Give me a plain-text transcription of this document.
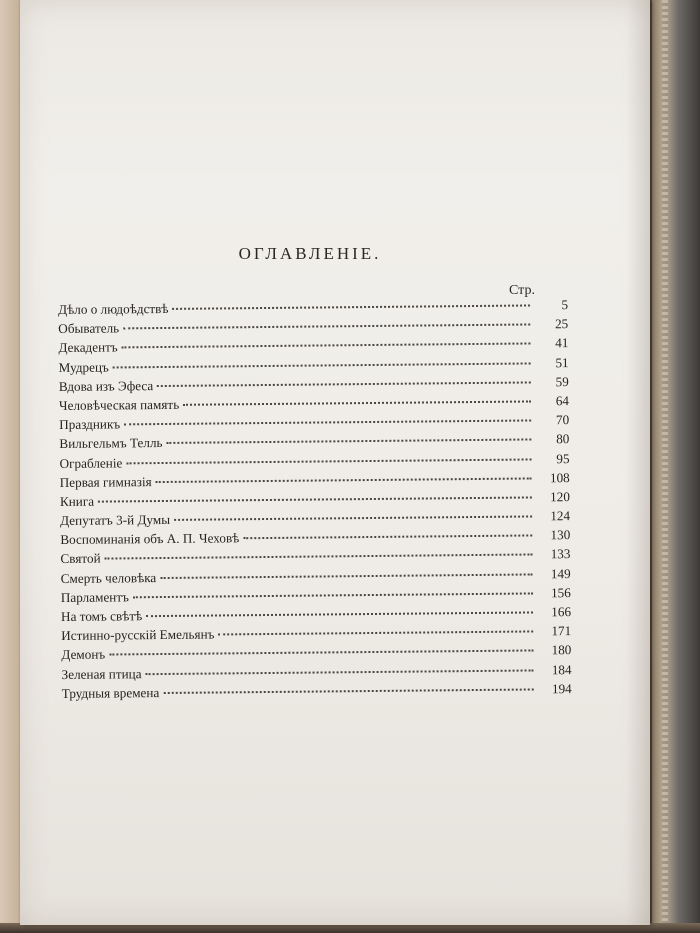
ОГЛАВЛЕНІЕ.
Стр.
Дѣло о людоѣдствѣ	5
Обыватель	25
Декадентъ	41
Мудрецъ	51
Вдова изъ Эфеса	59
Человѣческая память	64
Праздникъ	70
Вильгельмъ Телль	80
Ограбленіе	95
Первая гимназія	108
Книга	120
Депутатъ 3-й Думы	124
Воспоминанія объ А. П. Чеховѣ	130
Святой	133
Смерть человѣка	149
Парламентъ	156
На томъ свѣтѣ	166
Истинно-русскій Емельянъ	171
Демонъ	180
Зеленая птица	184
Трудныя времена	194
